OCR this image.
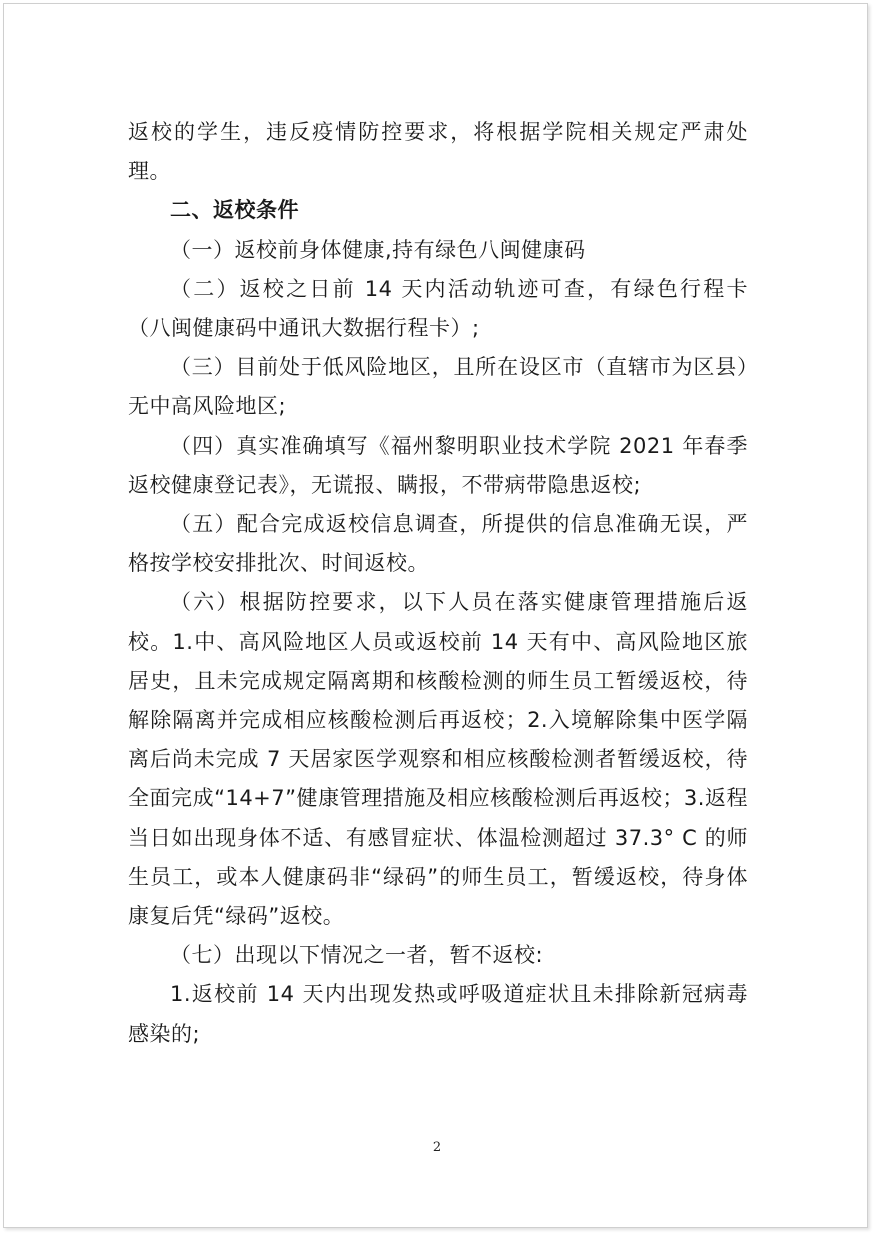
返校的学生，违反疫情防控要求，将根据学院相关规定严肃处理。

二、返校条件

（一）返校前身体健康,持有绿色八闽健康码

（二）返校之日前 14 天内活动轨迹可查，有绿色行程卡（八闽健康码中通讯大数据行程卡）;

（三）目前处于低风险地区，且所在设区市（直辖市为区县）无中高风险地区;

（四）真实准确填写《福州黎明职业技术学院 2021 年春季返校健康登记表》，无谎报、瞒报，不带病带隐患返校;

（五）配合完成返校信息调查，所提供的信息准确无误，严格按学校安排批次、时间返校。

（六）根据防控要求，以下人员在落实健康管理措施后返校。1.中、高风险地区人员或返校前 14 天有中、高风险地区旅居史，且未完成规定隔离期和核酸检测的师生员工暂缓返校，待解除隔离并完成相应核酸检测后再返校；2.入境解除集中医学隔离后尚未完成 7 天居家医学观察和相应核酸检测者暂缓返校，待全面完成“14+7”健康管理措施及相应核酸检测后再返校；3.返程当日如出现身体不适、有感冒症状、体温检测超过 37.3° C 的师生员工，或本人健康码非“绿码”的师生员工，暂缓返校，待身体康复后凭“绿码”返校。

（七）出现以下情况之一者，暂不返校:

1.返校前 14 天内出现发热或呼吸道症状且未排除新冠病毒感染的;

2
